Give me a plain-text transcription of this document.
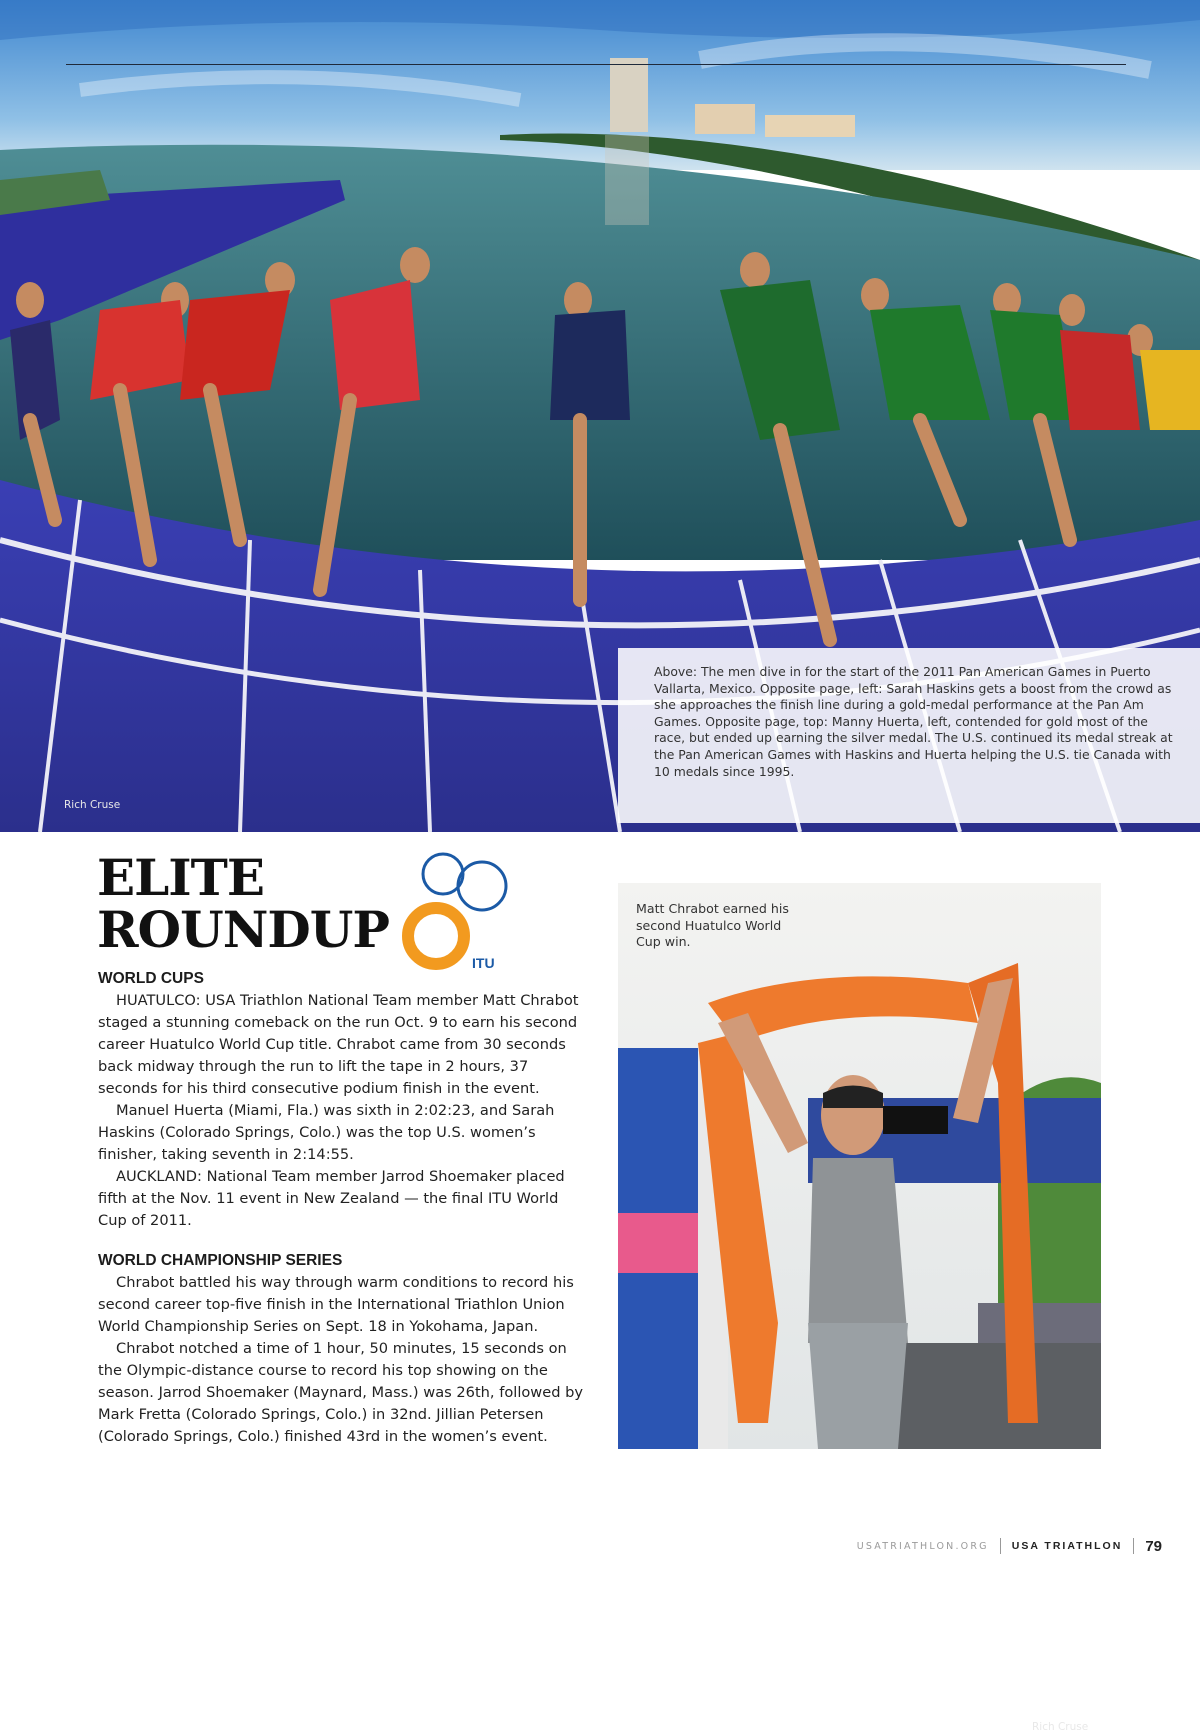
Above: The men dive in for the start of the 2011 Pan American Games in Puerto Vallarta, Mexico. Opposite page, left: Sarah Haskins gets a boost from the crowd as she approaches the finish line during a gold-medal performance at the Pan Am Games. Opposite page, top: Manny Huerta, left, contended for gold most of the race, but ended up earning the silver medal. The U.S. continued its medal streak at the Pan American Games with Haskins and Huerta helping the U.S. tie Canada with 10 medals since 1995.

Rich Cruse
ELITE
ROUNDUP
ITU
WORLD CUPS

HUATULCO: USA Triathlon National Team member Matt Chrabot staged a stunning comeback on the run Oct. 9 to earn his second career Huatulco World Cup title. Chrabot came from 30 seconds back midway through the run to lift the tape in 2 hours, 37 seconds for his third consecutive podium finish in the event.

Manuel Huerta (Miami, Fla.) was sixth in 2:02:23, and Sarah Haskins (Colorado Springs, Colo.) was the top U.S. women’s finisher, taking seventh in 2:14:55.

AUCKLAND: National Team member Jarrod Shoemaker placed fifth at the Nov. 11 event in New Zealand — the final ITU World Cup of 2011.

WORLD CHAMPIONSHIP SERIES

Chrabot battled his way through warm conditions to record his second career top-five finish in the International Triathlon Union World Championship Series on Sept. 18 in Yokohama, Japan.

Chrabot notched a time of 1 hour, 50 minutes, 15 seconds on the Olympic-distance course to record his top showing on the season. Jarrod Shoemaker (Maynard, Mass.) was 26th, followed by Mark Fretta (Colorado Springs, Colo.) in 32nd. Jillian Petersen (Colorado Springs, Colo.) finished 43rd in the women’s event.

Rich Cruse
Matt Chrabot earned his second Huatulco World Cup win.
USATRIATHLON.ORG USA TRIATHLON 79
